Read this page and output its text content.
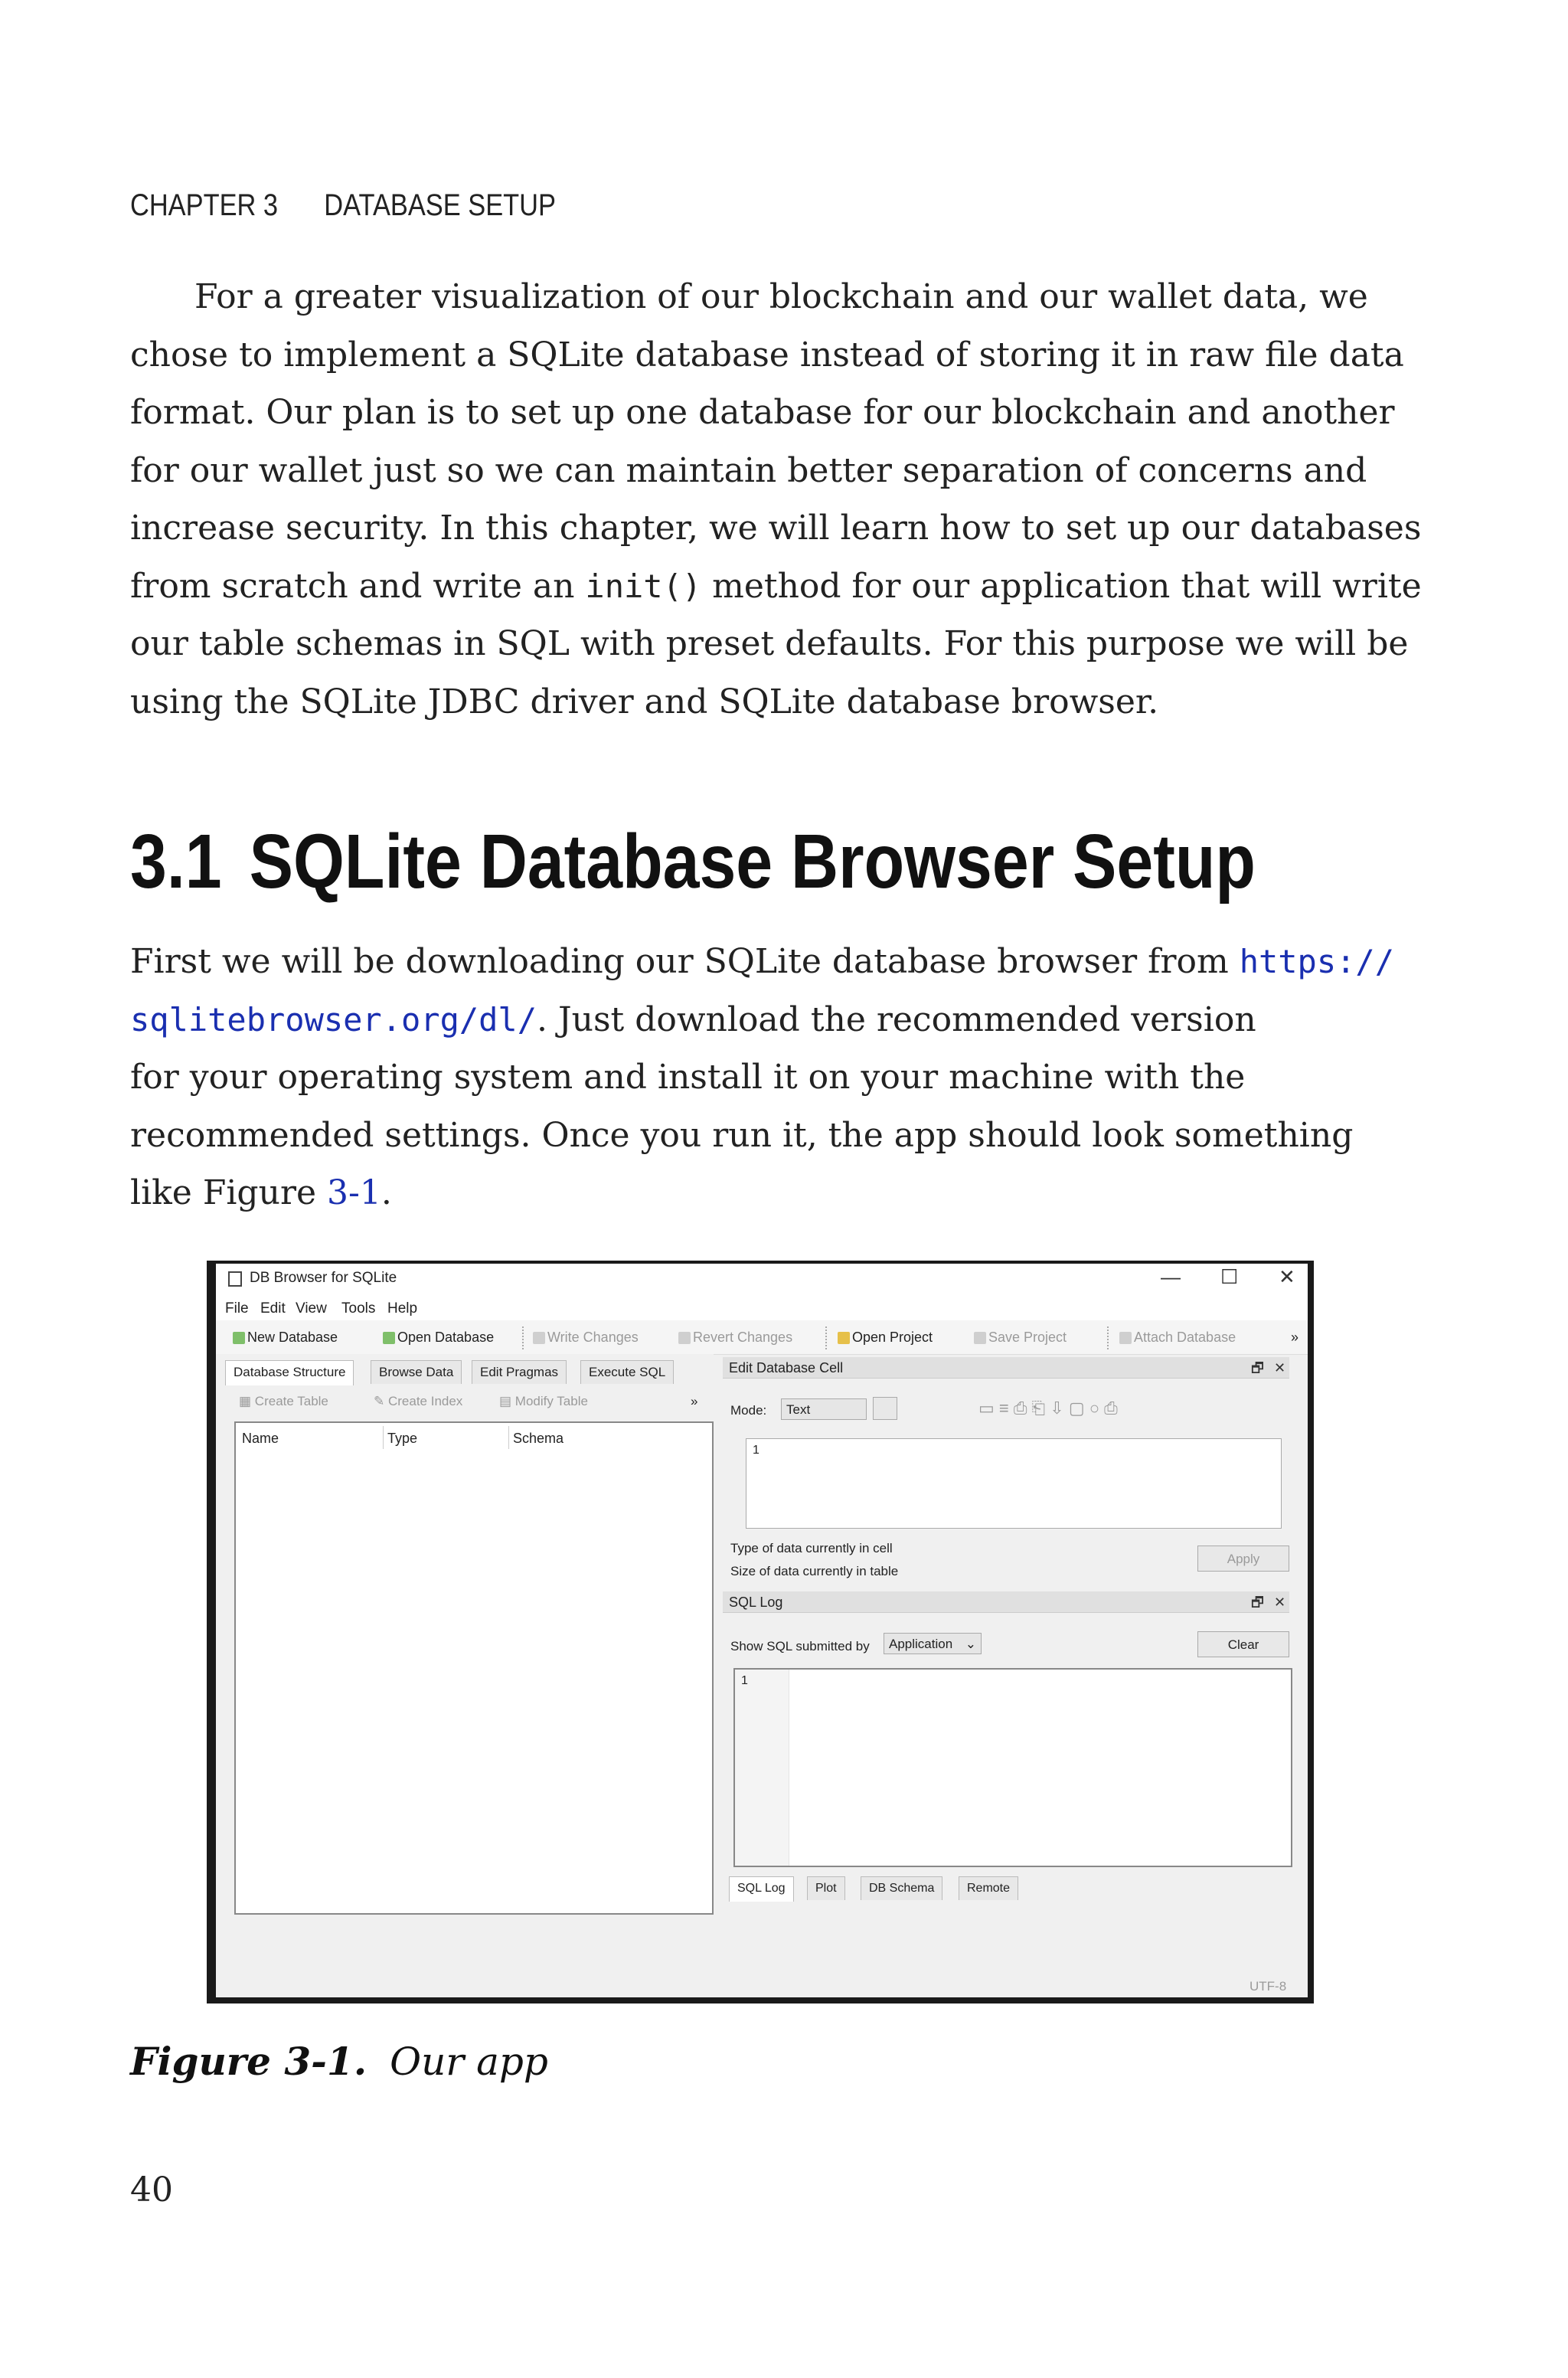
CHAPTER 3 DATABASE SETUP
For a greater visualization of our blockchain and our wallet data, we
chose to implement a SQLite database instead of storing it in raw file data
format. Our plan is to set up one database for our blockchain and another
for our wallet just so we can maintain better separation of concerns and
increase security. In this chapter, we will learn how to set up our databases
from scratch and write an init() method for our application that will write
our table schemas in SQL with preset defaults. For this purpose we will be
using the SQLite JDBC driver and SQLite database browser.
3.1 SQLite Database Browser Setup
First we will be downloading our SQLite database browser from https://
sqlitebrowser.org/dl/. Just download the recommended version
for your operating system and install it on your machine with the
recommended settings. Once you run it, the app should look something
like Figure 3-1.
DB Browser for SQLite	— ☐ ✕
File Edit View Tools Help
New Database	Open Database	Write Changes	Revert Changes	Open Project	Save Project	Attach Database	»
Database Structure	Browse Data	Edit Pragmas	Execute SQL
▦ Create Table	✎ Create Index	▤ Modify Table	»
Name	Type	Schema
Edit Database Cell	🗗 ✕
Mode:	Text	▭ ≡ ⎙ ⎗ ⇩ ▢ ○ ⎙
1
Type of data currently in cell
Size of data currently in table
Apply
SQL Log	🗗 ✕
Show SQL submitted by	Application ⌄	Clear
1
SQL Log	Plot	DB Schema	Remote
UTF-8
Figure 3-1. Our app
40
